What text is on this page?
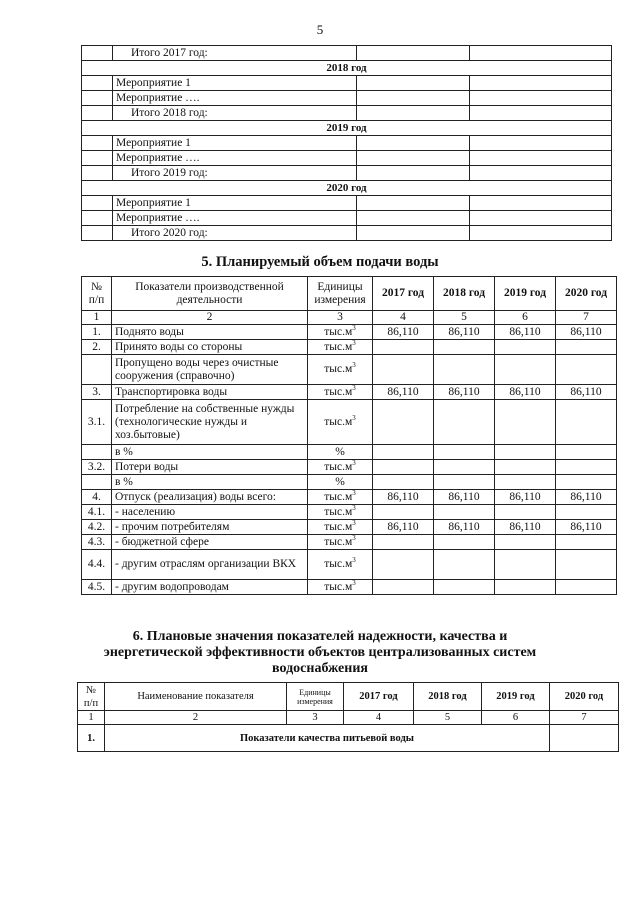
5
	Итого 2017 год:		
2018 год			
	Мероприятие 1		
	Мероприятие ….		
	Итого 2018 год:		
2019 год			
	Мероприятие 1		
	Мероприятие ….		
	Итого 2019 год:		
2020 год			
	Мероприятие 1		
	Мероприятие ….		
	Итого 2020 год:		
5. Планируемый объем подачи воды
№ п/п	Показатели производственной деятельности	Единицы измерения	2017 год	2018 год	2019 год	2020 год
1	2	3	4	5	6	7
1.	Поднято воды	$тыс.м^3$	86,110	86,110	86,110	86,110
2.	Принято воды со стороны	$тыс.м^3$				
	Пропущено воды через очистные сооружения (справочно)	$тыс.м^3$				
3.	Транспортировка воды	$тыс.м^3$	86,110	86,110	86,110	86,110
3.1.	Потребление на собственные нужды (технологические нужды и хоз.бытовые)	$тыс.м^3$				
	в %	%				
3.2.	Потери воды	$тыс.м^3$				
	в %	%				
4.	Отпуск (реализация) воды всего:	$тыс.м^3$	86,110	86,110	86,110	86,110
4.1.	- населению	$тыс.м^3$				
4.2.	- прочим потребителям	$тыс.м^3$	86,110	86,110	86,110	86,110
4.3.	- бюджетной сфере	$тыс.м^3$				
4.4.	- другим отраслям организации ВКХ	$тыс.м^3$				
4.5.	- другим водопроводам	$тыс.м^3$				
6. Плановые значения показателей надежности, качества и
энергетической эффективности объектов централизованных систем
водоснабжения
№ п/п	Наименование показателя	Единицы измерения	2017 год	2018 год	2019 год	2020 год
1	2	3	4	5	6	7
1.	Показатели качества питьевой воды					
